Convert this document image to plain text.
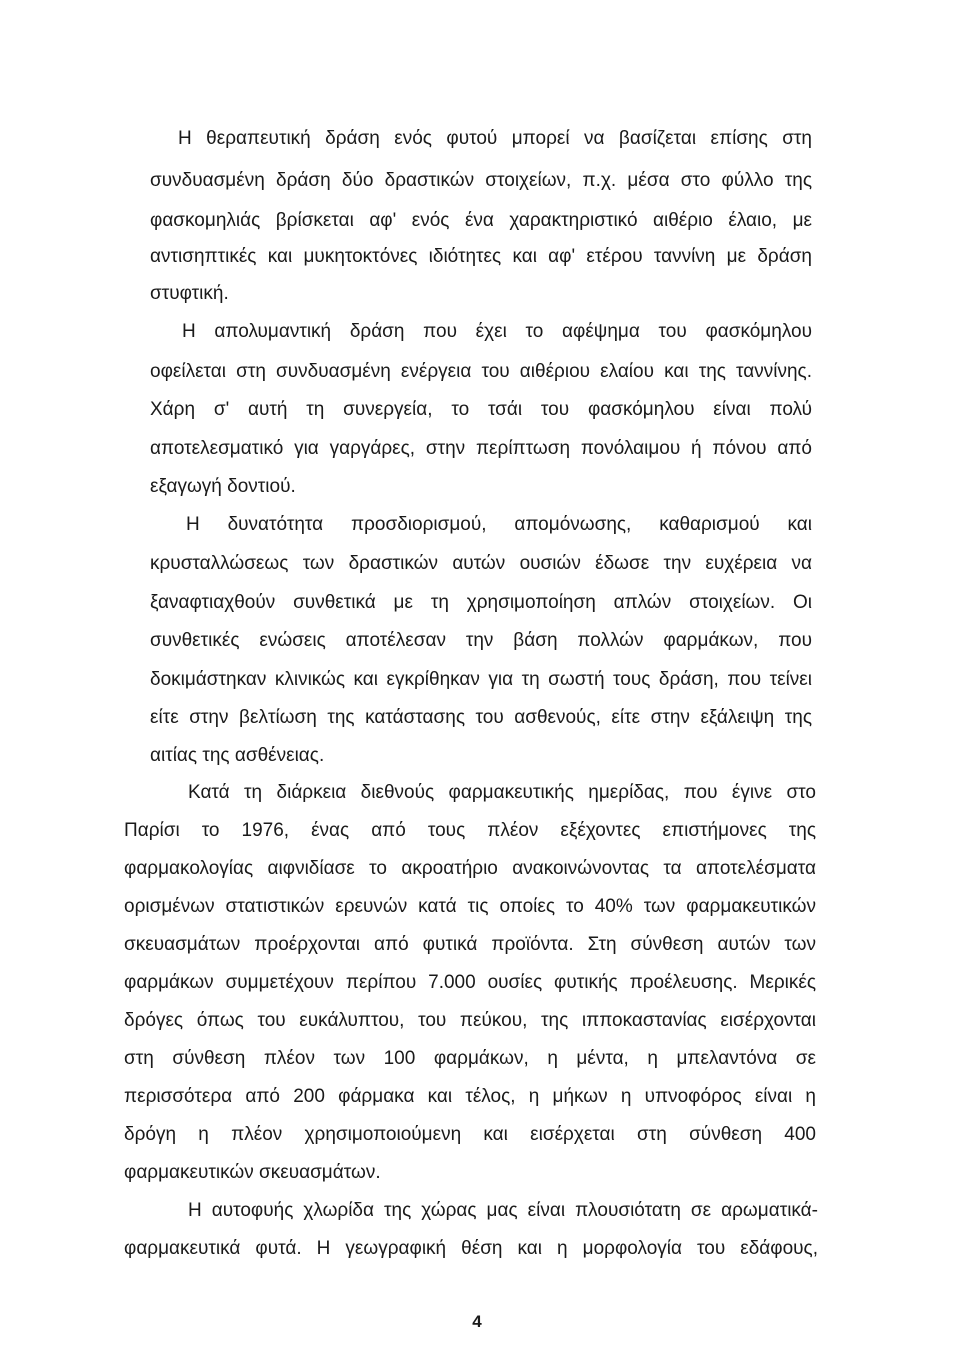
Η θεραπευτική δράση ενός φυτού μπορεί να βασίζεται επίσης στη
συνδυασμένη δράση δύο δραστικών στοιχείων, π.χ. μέσα στο φύλλο της
φασκομηλιάς βρίσκεται αφ' ενός ένα χαρακτηριστικό αιθέριο έλαιο, με
αντισηπτικές και μυκητοκτόνες ιδιότητες και αφ' ετέρου ταννίνη με δράση
στυφτική.
Η απολυμαντική δράση που έχει το αφέψημα του φασκόμηλου
οφείλεται στη συνδυασμένη ενέργεια του αιθέριου ελαίου και της ταννίνης.
Χάρη σ' αυτή τη συνεργεία, το τσάι του φασκόμηλου είναι πολύ
αποτελεσματικό για γαργάρες, στην περίπτωση πονόλαιμου ή πόνου από
εξαγωγή δοντιού.
Η δυνατότητα προσδιορισμού, απομόνωσης, καθαρισμού και
κρυσταλλώσεως των δραστικών αυτών ουσιών έδωσε την ευχέρεια να
ξαναφτιαχθούν συνθετικά με τη χρησιμοποίηση απλών στοιχείων. Οι
συνθετικές ενώσεις αποτέλεσαν την βάση πολλών φαρμάκων, που
δοκιμάστηκαν κλινικώς και εγκρίθηκαν για τη σωστή τους δράση, που τείνει
είτε στην βελτίωση της κατάστασης του ασθενούς, είτε στην εξάλειψη της
αιτίας της ασθένειας.
Κατά τη διάρκεια διεθνούς φαρμακευτικής ημερίδας, που έγινε στο
Παρίσι το 1976, ένας από τους πλέον εξέχοντες επιστήμονες της
φαρμακολογίας αιφνιδίασε το ακροατήριο ανακοινώνοντας τα αποτελέσματα
ορισμένων στατιστικών ερευνών κατά τις οποίες το 40% των φαρμακευτικών
σκευασμάτων προέρχονται από φυτικά προϊόντα. Στη σύνθεση αυτών των
φαρμάκων συμμετέχουν περίπου 7.000 ουσίες φυτικής προέλευσης. Μερικές
δρόγες όπως του ευκάλυπτου, του πεύκου, της ιπποκαστανίας εισέρχονται
στη σύνθεση πλέον των 100 φαρμάκων, η μέντα, η μπελαντόνα σε
περισσότερα από 200 φάρμακα και τέλος, η μήκων η υπνοφόρος είναι η
δρόγη η πλέον χρησιμοποιούμενη και εισέρχεται στη σύνθεση 400
φαρμακευτικών σκευασμάτων.
Η αυτοφυής χλωρίδα της χώρας μας είναι πλουσιότατη σε αρωματικά-
φαρμακευτικά φυτά. Η γεωγραφική θέση και η μορφολογία του εδάφους,
4
